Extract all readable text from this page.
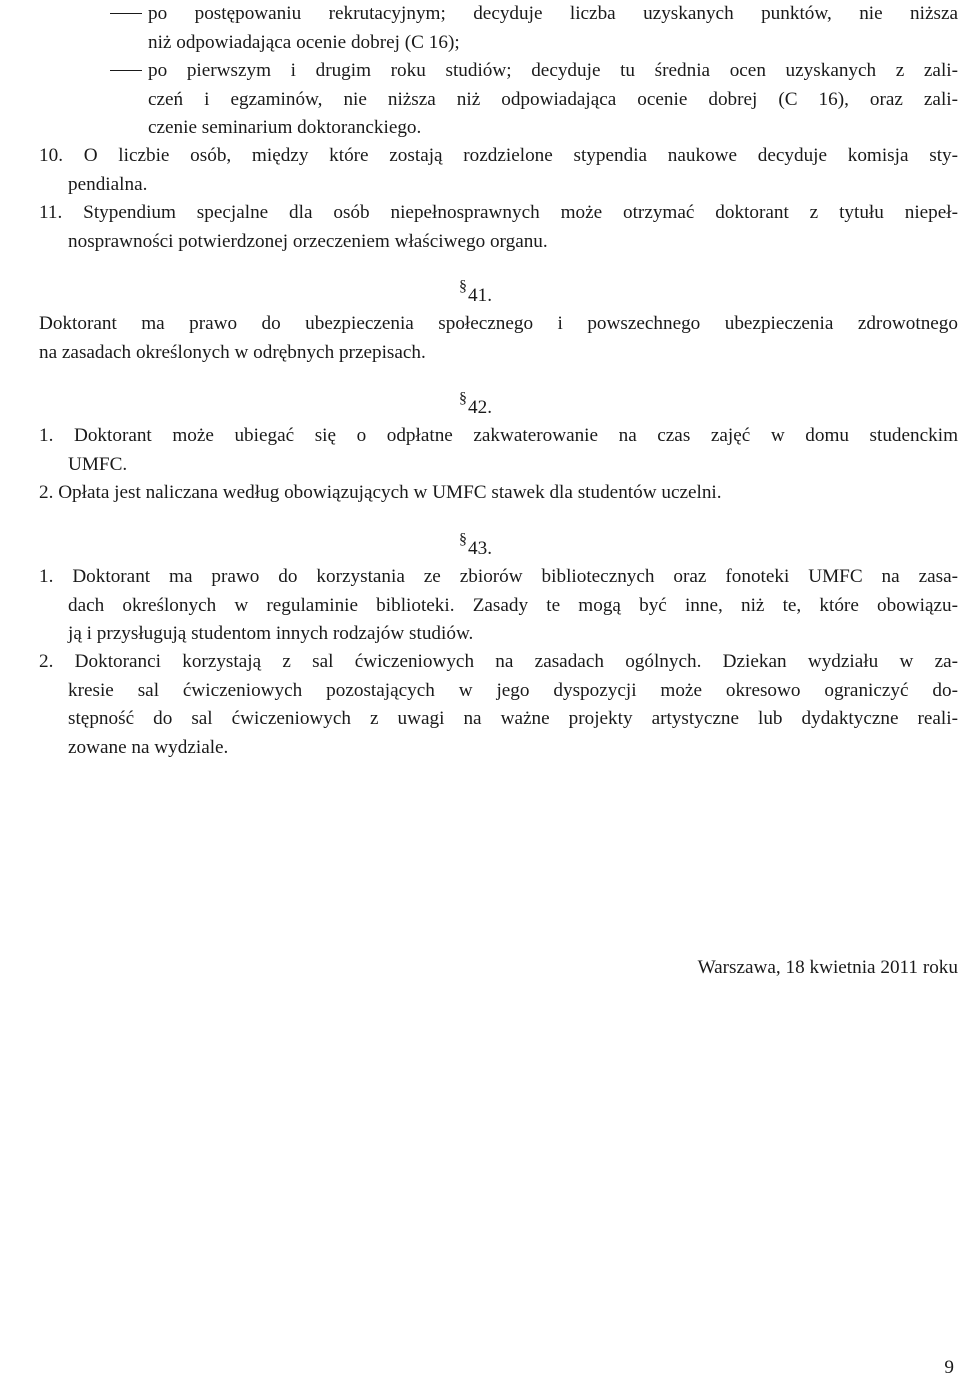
po postępowaniu rekrutacyjnym; decyduje liczba uzyskanych punktów, nie niższa

niż odpowiadająca ocenie dobrej (C 16);

po pierwszym i drugim roku studiów; decyduje tu średnia ocen uzyskanych z zali-

czeń i egzaminów, nie niższa niż odpowiadająca ocenie dobrej (C 16), oraz zali-

czenie seminarium doktoranckiego.

10. O liczbie osób, między które zostają rozdzielone stypendia naukowe decyduje komisja sty-

pendialna.

11. Stypendium specjalne dla osób niepełnosprawnych może otrzymać doktorant z tytułu niepeł-

nosprawności potwierdzonej orzeczeniem właściwego organu.

§41.

Doktorant ma prawo do ubezpieczenia społecznego i powszechnego ubezpieczenia zdrowotnego

na zasadach określonych w odrębnych przepisach.

§42.

1. Doktorant może ubiegać się o odpłatne zakwaterowanie na czas zajęć w domu studenckim

UMFC.

2. Opłata jest naliczana według obowiązujących w UMFC stawek dla studentów uczelni.

§43.

1. Doktorant ma prawo do korzystania ze zbiorów bibliotecznych oraz fonoteki UMFC na zasa-

dach określonych w regulaminie biblioteki. Zasady te mogą być inne, niż te, które obowiązu-

ją i przysługują studentom innych rodzajów studiów.

2. Doktoranci korzystają z sal ćwiczeniowych na zasadach ogólnych. Dziekan wydziału w za-

kresie sal ćwiczeniowych pozostających w jego dyspozycji może okresowo ograniczyć do-

stępność do sal ćwiczeniowych z uwagi na ważne projekty artystyczne lub dydaktyczne reali-

zowane na wydziale.

Warszawa, 18 kwietnia 2011 roku
9
